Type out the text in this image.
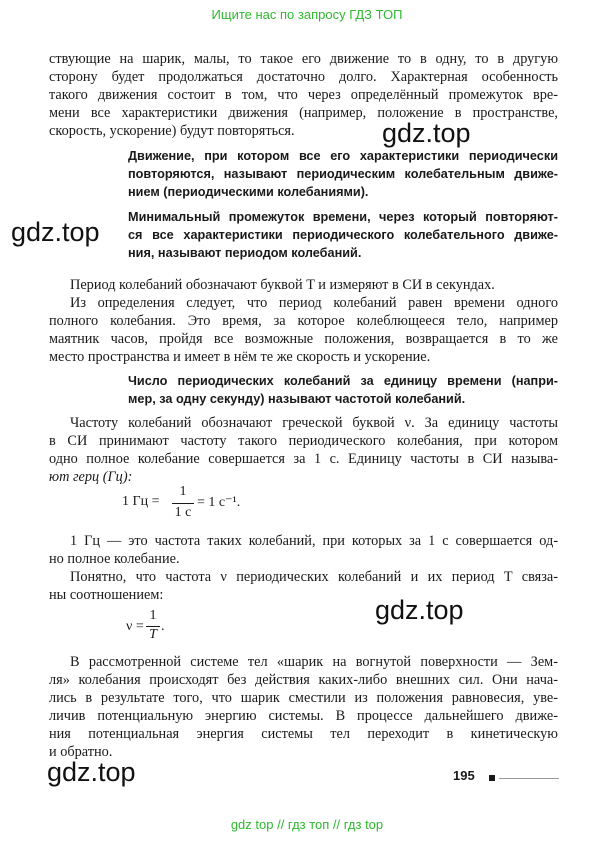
Ищите нас по запросу ГДЗ ТОП
ствующие на шарик, малы, то такое его движение то в одну, то в другую
сторону будет продолжаться достаточно долго. Характерная особенность
такого движения состоит в том, что через определённый промежуток вре-
мени все характеристики движения (например, положение в пространстве,
скорость, ускорение) будут повторяться.	gdz.top
Движение, при котором все его характеристики периодически
повторяются, называют периодическим колебательным движе-
нием (периодическими колебаниями).
Минимальный промежуток времени, через который повторяют-
ся все характеристики периодического колебательного движе-
ния, называют периодом колебаний.
gdz.top
Период колебаний обозначают буквой T и измеряют в СИ в секундах.
Из определения следует, что период колебаний равен времени одного
полного колебания. Это время, за которое колеблющееся тело, например
маятник часов, пройдя все возможные положения, возвращается в то же
место пространства и имеет в нём те же скорость и ускорение.
Число периодических колебаний за единицу времени (напри-
мер, за одну секунду) называют частотой колебаний.
Частоту колебаний обозначают греческой буквой ν. За единицу частоты
в СИ принимают частоту такого периодического колебания, при котором
одно полное колебание совершается за 1 с. Единицу частоты в СИ называ-
ют герц (Гц):
1 Гц =
1
1 с
= 1 с⁻¹.
1 Гц — это частота таких колебаний, при которых за 1 с совершается од-
но полное колебание.
Понятно, что частота ν периодических колебаний и их период T связа-
ны соотношением:	gdz.top
ν =
1
T
.
В рассмотренной системе тел «шарик на вогнутой поверхности — Зем-
ля» колебания происходят без действия каких-либо внешних сил. Они нача-
лись в результате того, что шарик сместили из положения равновесия, уве-
личив потенциальную энергию системы. В процессе дальнейшего движе-
ния потенциальная энергия системы тел переходит в кинетическую
и обратно.
gdz.top	195
gdz top // гдз топ // гдз top
